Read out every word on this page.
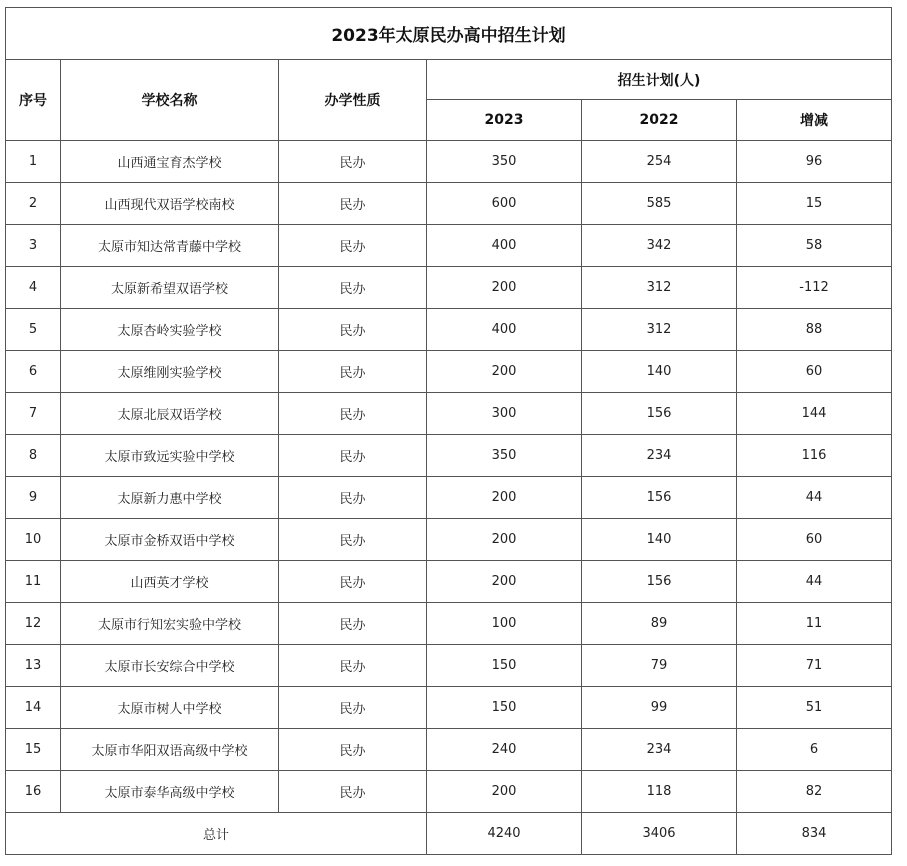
2023年太原民办高中招生计划					
序号	学校名称	办学性质	招生计划(人)		
			2023	2022	增减
1	山西通宝育杰学校	民办	350	254	96
2	山西现代双语学校南校	民办	600	585	15
3	太原市知达常青藤中学校	民办	400	342	58
4	太原新希望双语学校	民办	200	312	-112
5	太原杏岭实验学校	民办	400	312	88
6	太原维刚实验学校	民办	200	140	60
7	太原北辰双语学校	民办	300	156	144
8	太原市致远实验中学校	民办	350	234	116
9	太原新力惠中学校	民办	200	156	44
10	太原市金桥双语中学校	民办	200	140	60
11	山西英才学校	民办	200	156	44
12	太原市行知宏实验中学校	民办	100	89	11
13	太原市长安综合中学校	民办	150	79	71
14	太原市树人中学校	民办	150	99	51
15	太原市华阳双语高级中学校	民办	240	234	6
16	太原市泰华高级中学校	民办	200	118	82
总计			4240	3406	834
